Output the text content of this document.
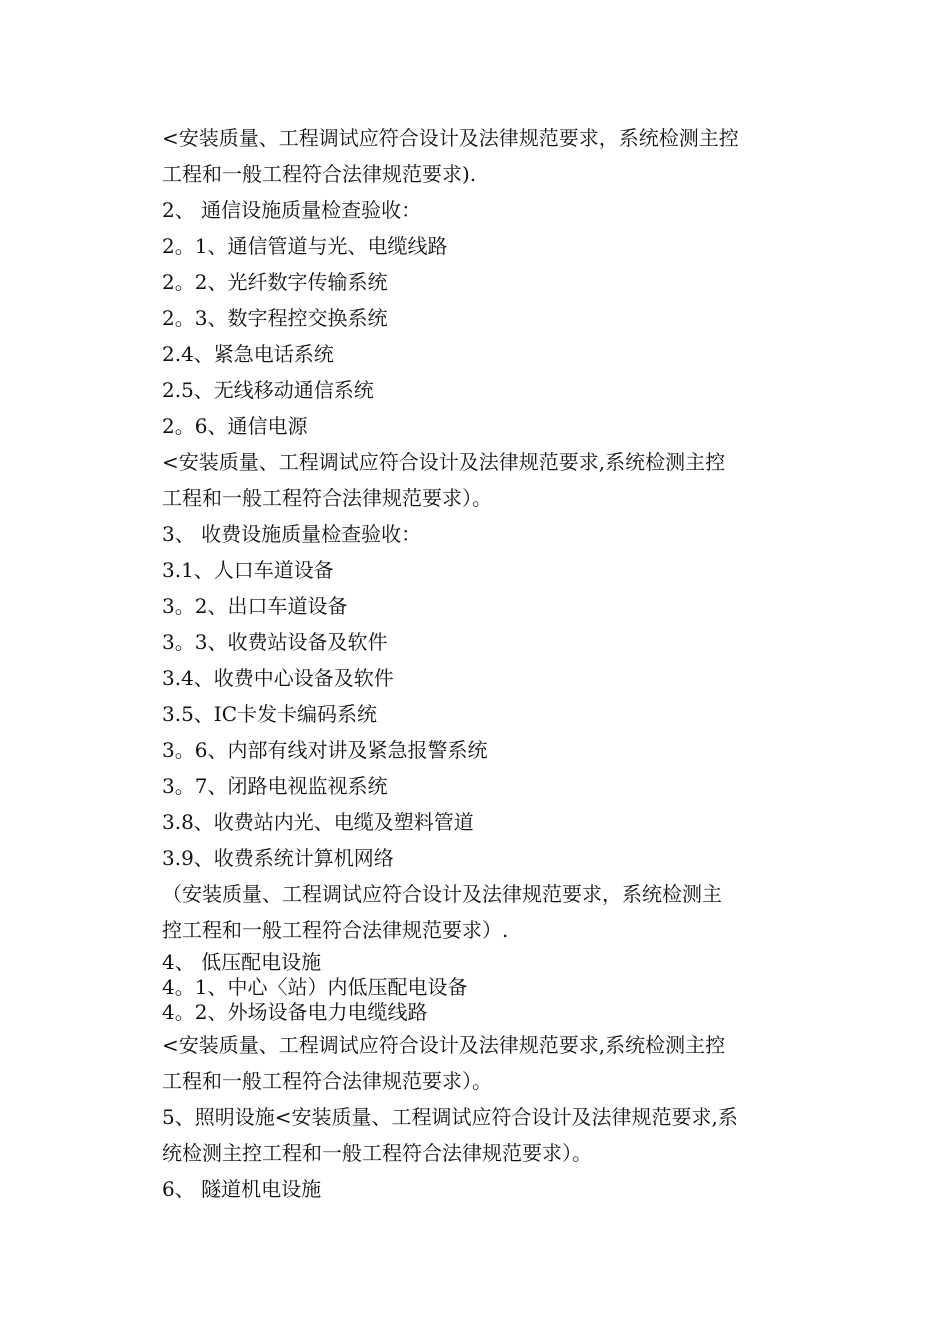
<安装质量、工程调试应符合设计及法律规范要求，系统检测主控
工程和一般工程符合法律规范要求).
2、 通信设施质量检查验收：
2。1、通信管道与光、电缆线路
2。2、光纤数字传输系统
2。3、数字程控交换系统
2.4、紧急电话系统
2.5、无线移动通信系统
2。6、通信电源
<安装质量、工程调试应符合设计及法律规范要求,系统检测主控
工程和一般工程符合法律规范要求）。
3、 收费设施质量检查验收：
3.1、人口车道设备
3。2、出口车道设备
3。3、收费站设备及软件
3.4、收费中心设备及软件
3.5、IC卡发卡编码系统
3。6、内部有线对讲及紧急报警系统
3。7、闭路电视监视系统
3.8、收费站内光、电缆及塑料管道
3.9、收费系统计算机网络
（安装质量、工程调试应符合设计及法律规范要求，系统检测主
控工程和一般工程符合法律规范要求）.
4、 低压配电设施
4。1、中心〈站）内低压配电设备
4。2、外场设备电力电缆线路
<安装质量、工程调试应符合设计及法律规范要求,系统检测主控
工程和一般工程符合法律规范要求）。
5、照明设施<安装质量、工程调试应符合设计及法律规范要求,系
统检测主控工程和一般工程符合法律规范要求）。
6、 隧道机电设施
